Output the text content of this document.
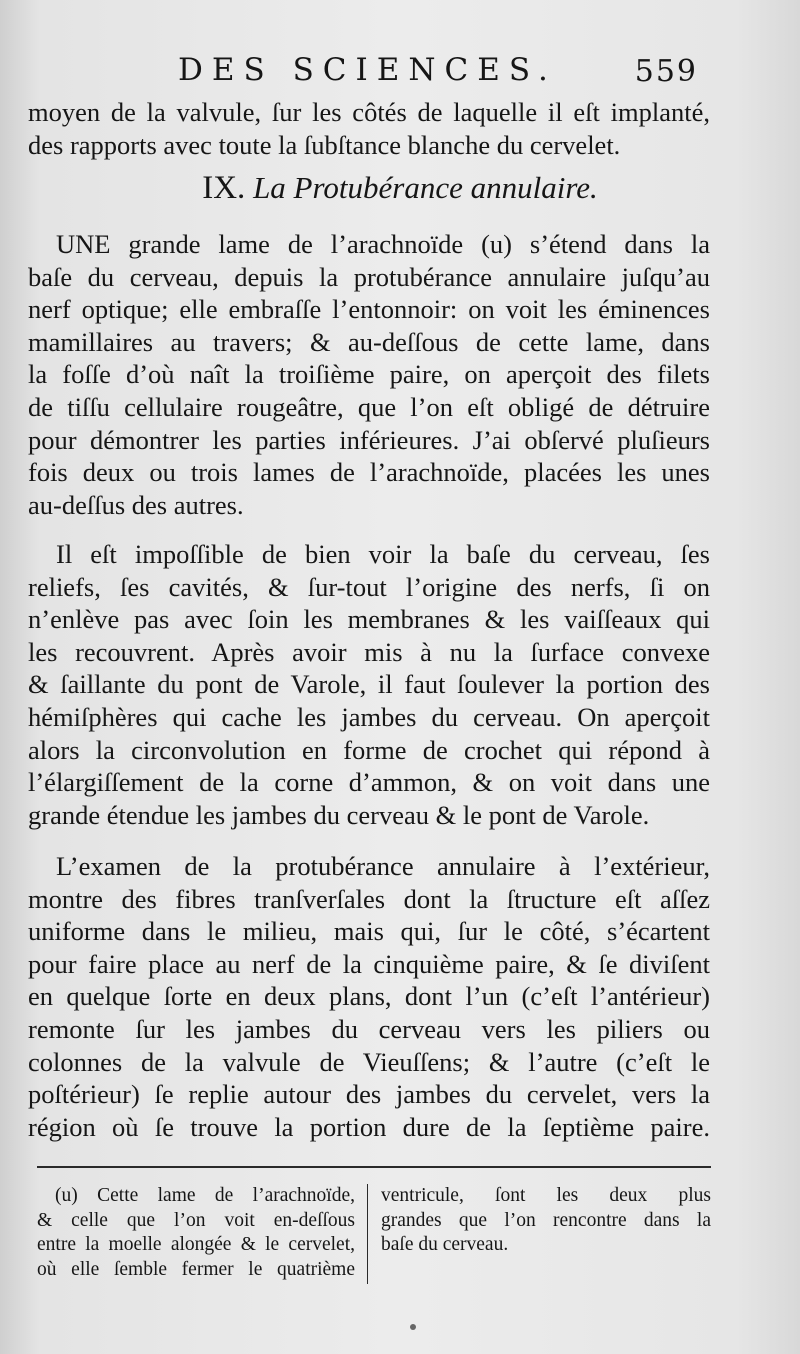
DES SCIENCES.	559
moyen de la valvule, ſur les côtés de laquelle il eſt implanté,
des rapports avec toute la ſubſtance blanche du cervelet.
IX. La Protubérance annulaire.
UNE grande lame de l’arachnoïde (u) s’étend dans la
baſe du cerveau, depuis la protubérance annulaire juſqu’au
nerf optique; elle embraſſe l’entonnoir: on voit les éminences
mamillaires au travers; & au-deſſous de cette lame, dans
la foſſe d’où naît la troiſième paire, on aperçoit des filets
de tiſſu cellulaire rougeâtre, que l’on eſt obligé de détruire
pour démontrer les parties inférieures. J’ai obſervé pluſieurs
fois deux ou trois lames de l’arachnoïde, placées les unes
au-deſſus des autres.
Il eſt impoſſible de bien voir la baſe du cerveau, ſes
reliefs, ſes cavités, & ſur-tout l’origine des nerfs, ſi on
n’enlève pas avec ſoin les membranes & les vaiſſeaux qui
les recouvrent. Après avoir mis à nu la ſurface convexe
& ſaillante du pont de Varole, il faut ſoulever la portion des
hémiſphères qui cache les jambes du cerveau. On aperçoit
alors la circonvolution en forme de crochet qui répond à
l’élargiſſement de la corne d’ammon, & on voit dans une
grande étendue les jambes du cerveau & le pont de Varole.
L’examen de la protubérance annulaire à l’extérieur,
montre des fibres tranſverſales dont la ſtructure eſt aſſez
uniforme dans le milieu, mais qui, ſur le côté, s’écartent
pour faire place au nerf de la cinquième paire, & ſe diviſent
en quelque ſorte en deux plans, dont l’un (c’eſt l’antérieur)
remonte ſur les jambes du cerveau vers les piliers ou
colonnes de la valvule de Vieuſſens; & l’autre (c’eſt le
poſtérieur) ſe replie autour des jambes du cervelet, vers la
région où ſe trouve la portion dure de la ſeptième paire.
(u) Cette lame de l’arachnoïde,
& celle que l’on voit en-deſſous
entre la moelle alongée & le cervelet,
où elle ſemble fermer le quatrième
ventricule, ſont les deux plus
grandes que l’on rencontre dans la
baſe du cerveau.
